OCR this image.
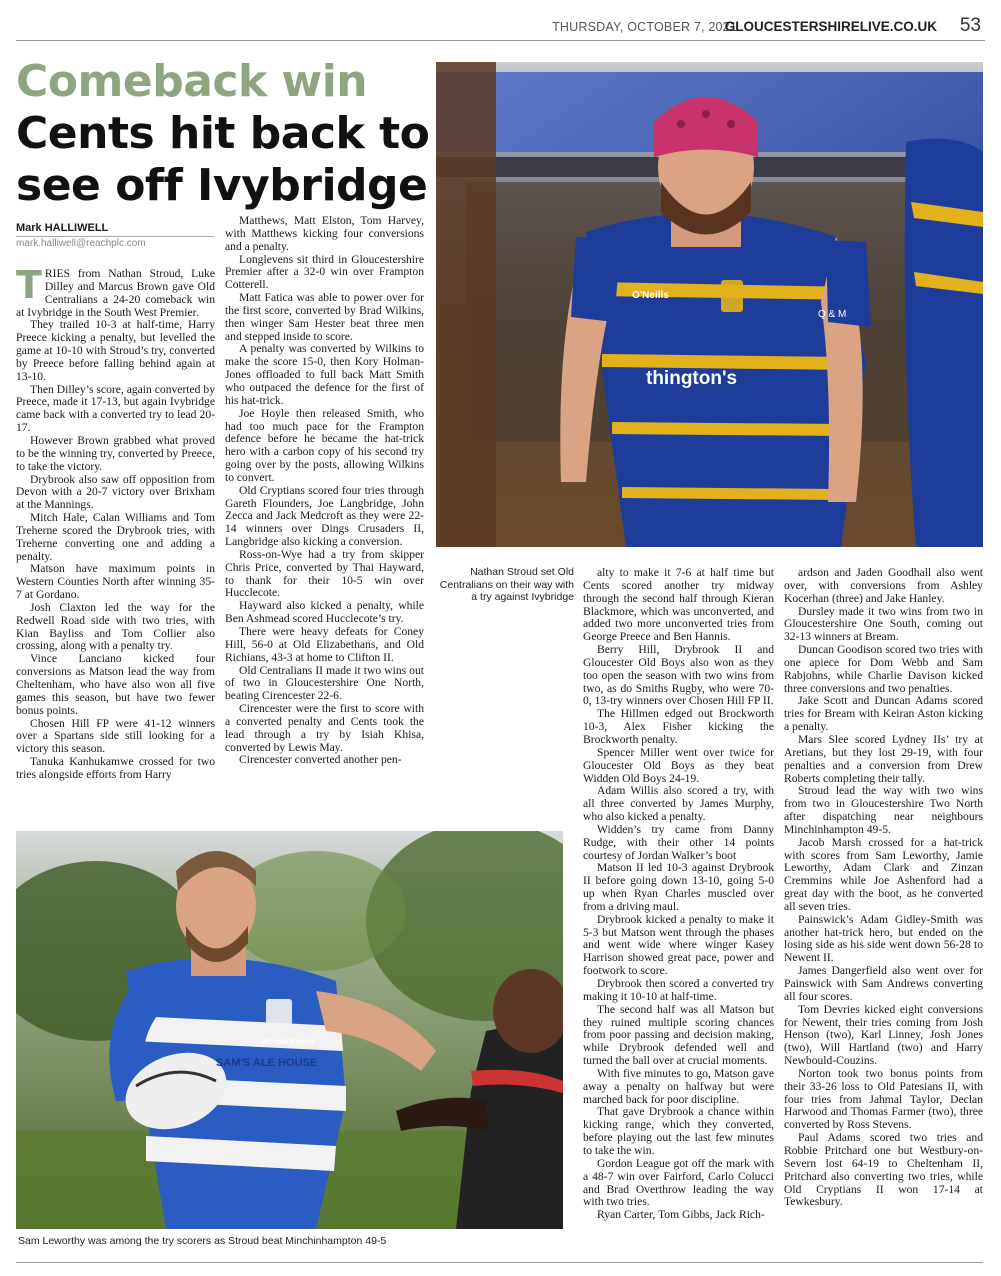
THURSDAY, OCTOBER 7, 2021
GLOUCESTERSHIRELIVE.CO.UK 53
Comeback win
Cents hit back to see off Ivybridge
Mark HALLIWELL
mark.halliwell@reachplc.com
T RIES from Nathan Stroud, Luke Dilley and Marcus Brown gave Old Centralians a 24-20 comeback win at Ivybridge in the South West Premier.

They trailed 10-3 at half-time, Harry Preece kicking a penalty, but levelled the game at 10-10 with Stroud’s try, converted by Preece before falling behind again at 13-10.

Then Dilley’s score, again converted by Preece, made it 17-13, but again Ivybridge came back with a converted try to lead 20-17.

However Brown grabbed what proved to be the winning try, converted by Preece, to take the victory.

Drybrook also saw off opposition from Devon with a 20-7 victory over Brixham at the Mannings.

Mitch Hale, Calan Williams and Tom Treherne scored the Drybrook tries, with Treherne converting one and adding a penalty.

Matson have maximum points in Western Counties North after winning 35-7 at Gordano.

Josh Claxton led the way for the Redwell Road side with two tries, with Kian Bayliss and Tom Collier also crossing, along with a penalty try.

Vince Lanciano kicked four conversions as Matson lead the way from Cheltenham, who have also won all five games this season, but have two fewer bonus points.

Chosen Hill FP were 41-12 winners over a Spartans side still looking for a victory this season.

Tanuka Kanhukamwe crossed for two tries alongside efforts from Harry

Matthews, Matt Elston, Tom Harvey, with Matthews kicking four conversions and a penalty.

Longlevens sit third in Gloucestershire Premier after a 32-0 win over Frampton Cotterell.

Matt Fatica was able to power over for the first score, converted by Brad Wilkins, then winger Sam Hester beat three men and stepped inside to score.

A penalty was converted by Wilkins to make the score 15-0, then Kory Holman-Jones offloaded to full back Matt Smith who outpaced the defence for the first of his hat-trick.

Joe Hoyle then released Smith, who had too much pace for the Frampton defence before he became the hat-trick hero with a carbon copy of his second try going over by the posts, allowing Wilkins to convert.

Old Cryptians scored four tries through Gareth Flounders, Joe Langbridge, John Zecca and Jack Medcroft as they were 22-14 winners over Dings Crusaders II, Langbridge also kicking a conversion.

Ross-on-Wye had a try from skipper Chris Price, converted by Thai Hayward, to thank for their 10-5 win over Hucclecote.

Hayward also kicked a penalty, while Ben Ashmead scored Hucclecote’s try.

There were heavy defeats for Coney Hill, 56-0 at Old Elizabethans, and Old Richians, 43-3 at home to Clifton II.

Old Centralians II made it two wins out of two in Gloucestershire One North, beating Cirencester 22-6.

Cirencester were the first to score with a converted penalty and Cents took the lead through a try by Isiah Khisa, converted by Lewis May.

Cirencester converted another pen-

alty to make it 7-6 at half time but Cents scored another try midway through the second half through Kieran Blackmore, which was unconverted, and added two more unconverted tries from George Preece and Ben Hannis.

Berry Hill, Drybrook II and Gloucester Old Boys also won as they too open the season with two wins from two, as do Smiths Rugby, who were 70-0, 13-try winners over Chosen Hill FP II.

The Hillmen edged out Brockworth 10-3, Alex Fisher kicking the Brockworth penalty.

Spencer Miller went over twice for Gloucester Old Boys as they beat Widden Old Boys 24-19.

Adam Willis also scored a try, with all three converted by James Murphy, who also kicked a penalty.

Widden’s try came from Danny Rudge, with their other 14 points courtesy of Jordan Walker’s boot

Matson II led 10-3 against Drybrook II before going down 13-10, going 5-0 up when Ryan Charles muscled over from a driving maul.

Drybrook kicked a penalty to make it 5-3 but Matson went through the phases and went wide where winger Kasey Harrison showed great pace, power and footwork to score.

Drybrook then scored a converted try making it 10-10 at half-time.

The second half was all Matson but they ruined multiple scoring chances from poor passing and decision making, while Drybrook defended well and turned the ball over at crucial moments.

With five minutes to go, Matson gave away a penalty on halfway but were marched back for poor discipline.

That gave Drybrook a chance within kicking range, which they converted, before playing out the last few minutes to take the win.

Gordon League got off the mark with a 48-7 win over Fairford, Carlo Colucci and Brad Overthrow leading the way with two tries.

Ryan Carter, Tom Gibbs, Jack Rich-

ardson and Jaden Goodhall also went over, with conversions from Ashley Kocerhan (three) and Jake Hanley.

Dursley made it two wins from two in Gloucestershire One South, coming out 32-13 winners at Bream.

Duncan Goodison scored two tries with one apiece for Dom Webb and Sam Rabjohns, while Charlie Davison kicked three conversions and two penalties.

Jake Scott and Duncan Adams scored tries for Bream with Keiran Aston kicking a penalty.

Mars Slee scored Lydney IIs’ try at Aretians, but they lost 29-19, with four penalties and a conversion from Drew Roberts completing their tally.

Stroud lead the way with two wins from two in Gloucestershire Two North after dispatching near neighbours Minchinhampton 49-5.

Jacob Marsh crossed for a hat-trick with scores from Sam Leworthy, Jamie Leworthy, Adam Clark and Zinzan Cremmins while Joe Ashenford had a great day with the boot, as he converted all seven tries.

Painswick’s Adam Gidley-Smith was another hat-trick hero, but ended on the losing side as his side went down 56-28 to Newent II.

James Dangerfield also went over for Painswick with Sam Andrews converting all four scores.

Tom Devries kicked eight conversions for Newent, their tries coming from Josh Henson (two), Karl Linney, Josh Jones (two), Will Hartland (two) and Harry Newbould-Couzins.

Norton took two bonus points from their 33-26 loss to Old Patesians II, with four tries from Jahmal Taylor, Declan Harwood and Thomas Farmer (two), three converted by Ross Stevens.

Paul Adams scored two tries and Robbie Pritchard one but Westbury-on-Severn lost 64-19 to Cheltenham II, Pritchard also converting two tries, while Old Cryptians II won 17-14 at Tewkesbury.

O'Neills
thington's
Q & M
Nathan Stroud set Old Centralians on their way with a try against Ivybridge
Stroud Rugby
SAM'S ALE HOUSE
Sam Leworthy was among the try scorers as Stroud beat Minchinhampton 49-5
